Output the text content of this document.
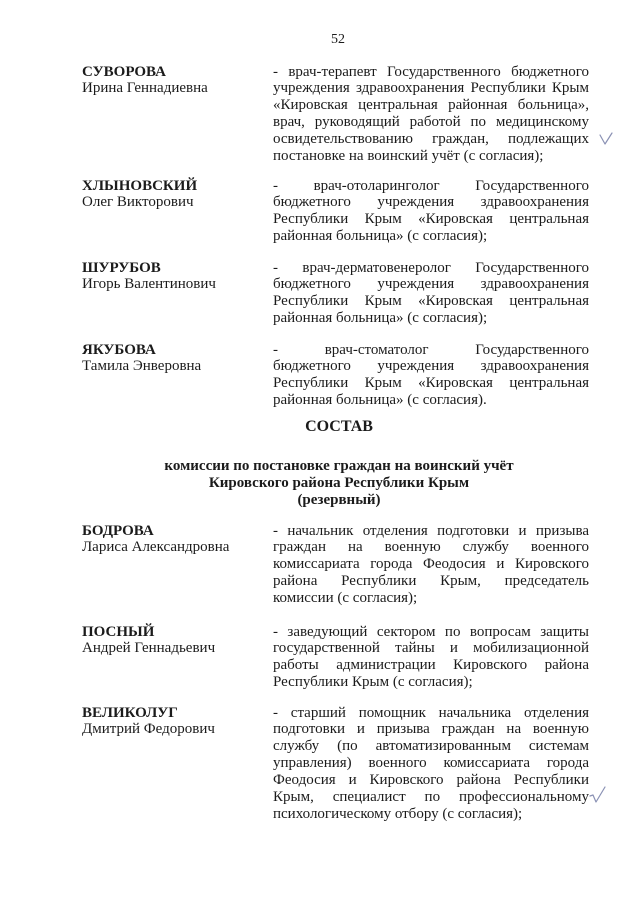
52
СУВОРОВА
Ирина Геннадиевна
- врач-терапевт Государственного бюджетного
учреждения здравоохранения Республики Крым
«Кировская центральная районная больница»,
врач, руководящий работой по медицинскому
освидетельствованию граждан, подлежащих
постановке на воинский учёт (с согласия);
ХЛЫНОВСКИЙ
Олег Викторович
- врач-отоларинголог Государственного
бюджетного учреждения здравоохранения
Республики Крым «Кировская центральная
районная больница» (с согласия);
ШУРУБОВ
Игорь Валентинович
- врач-дерматовенеролог Государственного
бюджетного учреждения здравоохранения
Республики Крым «Кировская центральная
районная больница» (с согласия);
ЯКУБОВА
Тамила Энверовна
- врач-стоматолог Государственного
бюджетного учреждения здравоохранения
Республики Крым «Кировская центральная
районная больница» (с согласия).
СОСТАВ
комиссии по постановке граждан на воинский учёт
Кировского района Республики Крым
(резервный)
БОДРОВА
Лариса Александровна
- начальник отделения подготовки и призыва
граждан на военную службу военного
комиссариата города Феодосия и Кировского
района Республики Крым, председатель
комиссии (с согласия);
ПОСНЫЙ
Андрей Геннадьевич
- заведующий сектором по вопросам защиты
государственной тайны и мобилизационной
работы администрации Кировского района
Республики Крым (с согласия);
ВЕЛИКОЛУГ
Дмитрий Федорович
- старший помощник начальника отделения
подготовки и призыва граждан на военную
службу (по автоматизированным системам
управления) военного комиссариата города
Феодосия и Кировского района Республики
Крым, специалист по профессиональному
психологическому отбору (с согласия);
